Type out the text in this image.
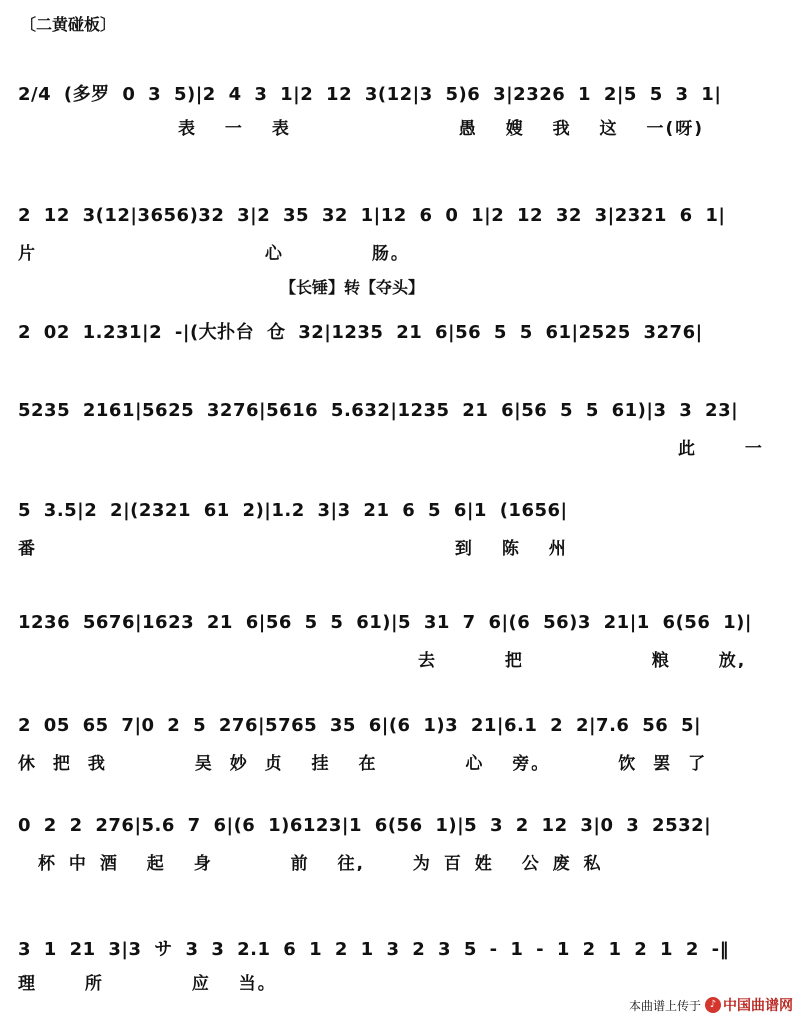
〔二黄碰板〕
2/4 (多罗 0 3 5)|2 4 3 1|2 12 3(12|3 5)6 3|2326 1 2|5 5 3 1|
表 一 表	愚 嫂 我 这 一(呀)
2 12 3(12|3656)32 3|2 35 32 1|12 6 0 1|2 12 32 3|2321 6 1|
片	心	肠。
【长锤】转【夺头】
2 02 1.231|2 -|(大扑台 仓 32|1235 21 6|56 5 5 61|2525 3276|
5235 2161|5625 3276|5616 5.632|1235 21 6|56 5 5 61)|3 3 23|
此	一
5 3.5|2 2|(2321 61 2)|1.2 3|3 21 6 5 6|1 (1656|
番	到 陈 州
1236 5676|1623 21 6|56 5 5 61)|5 31 7 6|(6 56)3 21|1 6(56 1)|
去	把	粮	放,
2 05 65 7|0 2 5 276|5765 35 6|(6 1)3 21|6.1 2 2|7.6 56 5|
休 把 我	吴 妙 贞 挂 在	心 旁。	饮 罢 了
0 2 2 276|5.6 7 6|(6 1)6123|1 6(56 1)|5 3 2 12 3|0 3 2532|
杯 中 酒 起 身	前 往,	为 百 姓 公 废 私
3 1 21 3|3 サ 3 3 2.1 6 1 2 1 3 2 3 5 - 1 - 1 2 1 2 1 2 -‖
理	所	应 当。
本曲谱上传于 ♪ 中国曲谱网
